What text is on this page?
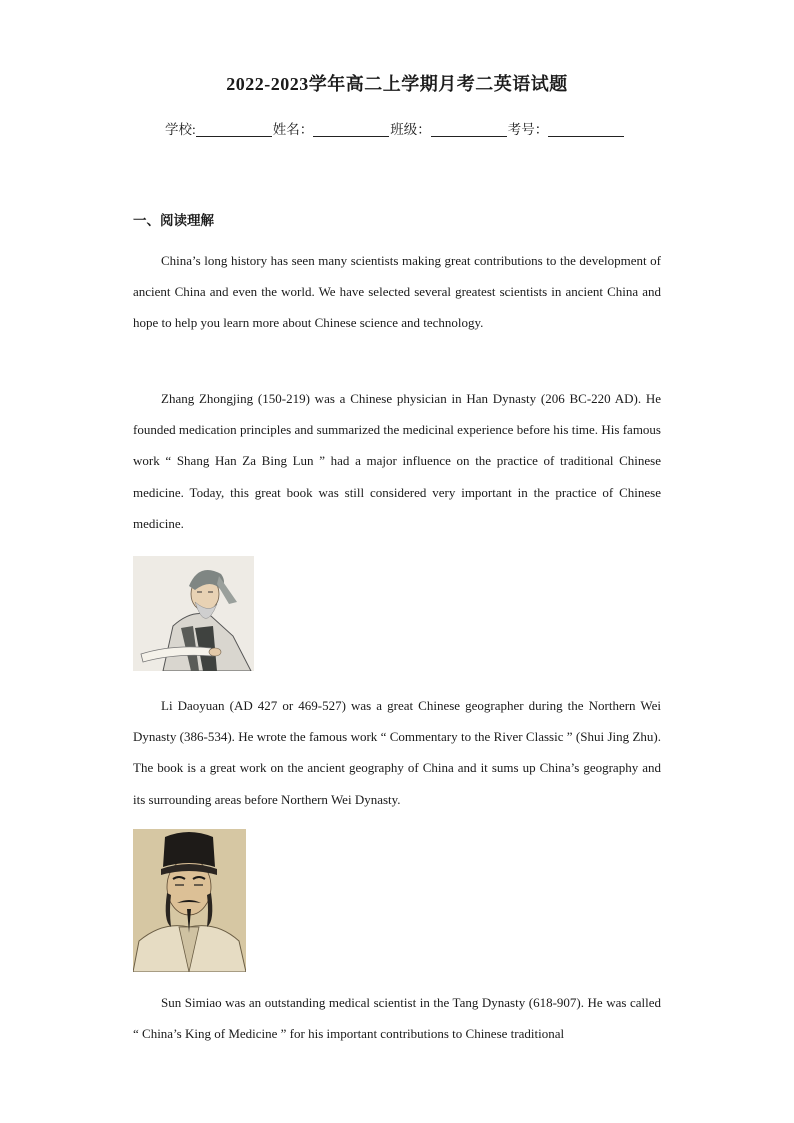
2022-2023学年高二上学期月考二英语试题
学校:	姓名：	班级：	考号：
一、阅读理解

China’s long history has seen many scientists making great contributions to the development of ancient China and even the world. We have selected several greatest scientists in ancient China and hope to help you learn more about Chinese science and technology.

Zhang Zhongjing (150-219) was a Chinese physician in Han Dynasty (206 BC-220 AD). He founded medication principles and summarized the medicinal experience before his time. His famous work “ Shang Han Za Bing Lun ” had a major influence on the practice of traditional Chinese medicine. Today, this great book was still considered very important in the practice of Chinese medicine.

Li Daoyuan (AD 427 or 469-527) was a great Chinese geographer during the Northern Wei Dynasty (386-534). He wrote the famous work “ Commentary to the River Classic ” (Shui Jing Zhu). The book is a great work on the ancient geography of China and it sums up China’s geography and its surrounding areas before Northern Wei Dynasty.

Sun Simiao was an outstanding medical scientist in the Tang Dynasty (618-907). He was called “ China’s King of Medicine ” for his important contributions to Chinese traditional
